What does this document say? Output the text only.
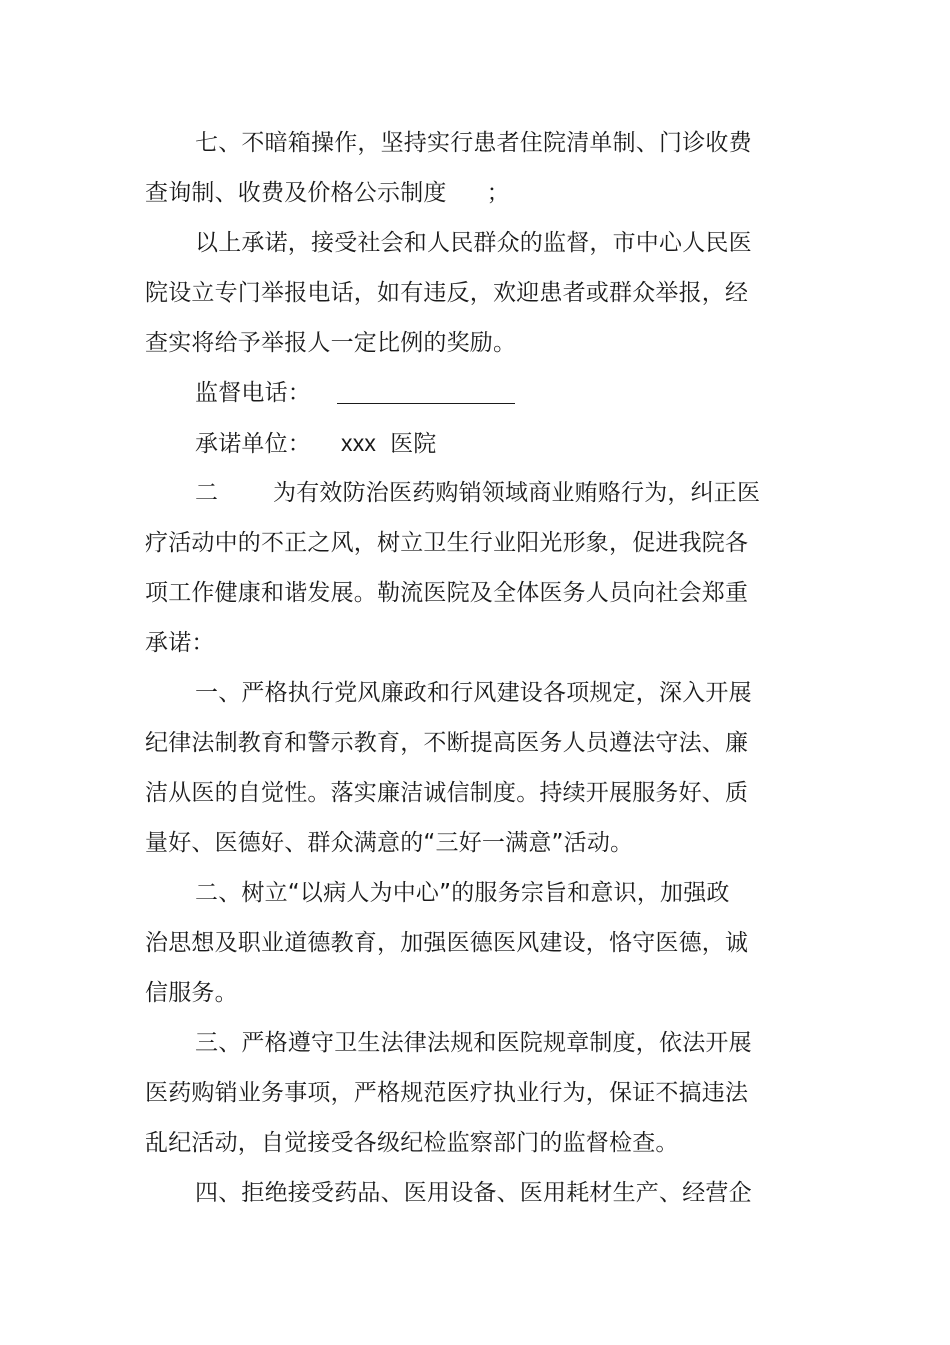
七、不暗箱操作，坚持实行患者住院清单制、门诊收费
查询制、收费及价格公示制度 ；
以上承诺，接受社会和人民群众的监督，市中心人民医
院设立专门举报电话，如有违反，欢迎患者或群众举报，经
查实将给予举报人一定比例的奖励。
监督电话：
承诺单位： xxx 医院
二 为有效防治医药购销领域商业贿赂行为，纠正医
疗活动中的不正之风，树立卫生行业阳光形象，促进我院各
项工作健康和谐发展。勒流医院及全体医务人员向社会郑重
承诺：
一、严格执行党风廉政和行风建设各项规定，深入开展
纪律法制教育和警示教育，不断提高医务人员遵法守法、廉
洁从医的自觉性。落实廉洁诚信制度。持续开展服务好、质
量好、医德好、群众满意的“三好一满意”活动。
二、树立“以病人为中心”的服务宗旨和意识，加强政
治思想及职业道德教育，加强医德医风建设，恪守医德，诚
信服务。
三、严格遵守卫生法律法规和医院规章制度，依法开展
医药购销业务事项，严格规范医疗执业行为，保证不搞违法
乱纪活动，自觉接受各级纪检监察部门的监督检查。
四、拒绝接受药品、医用设备、医用耗材生产、经营企
